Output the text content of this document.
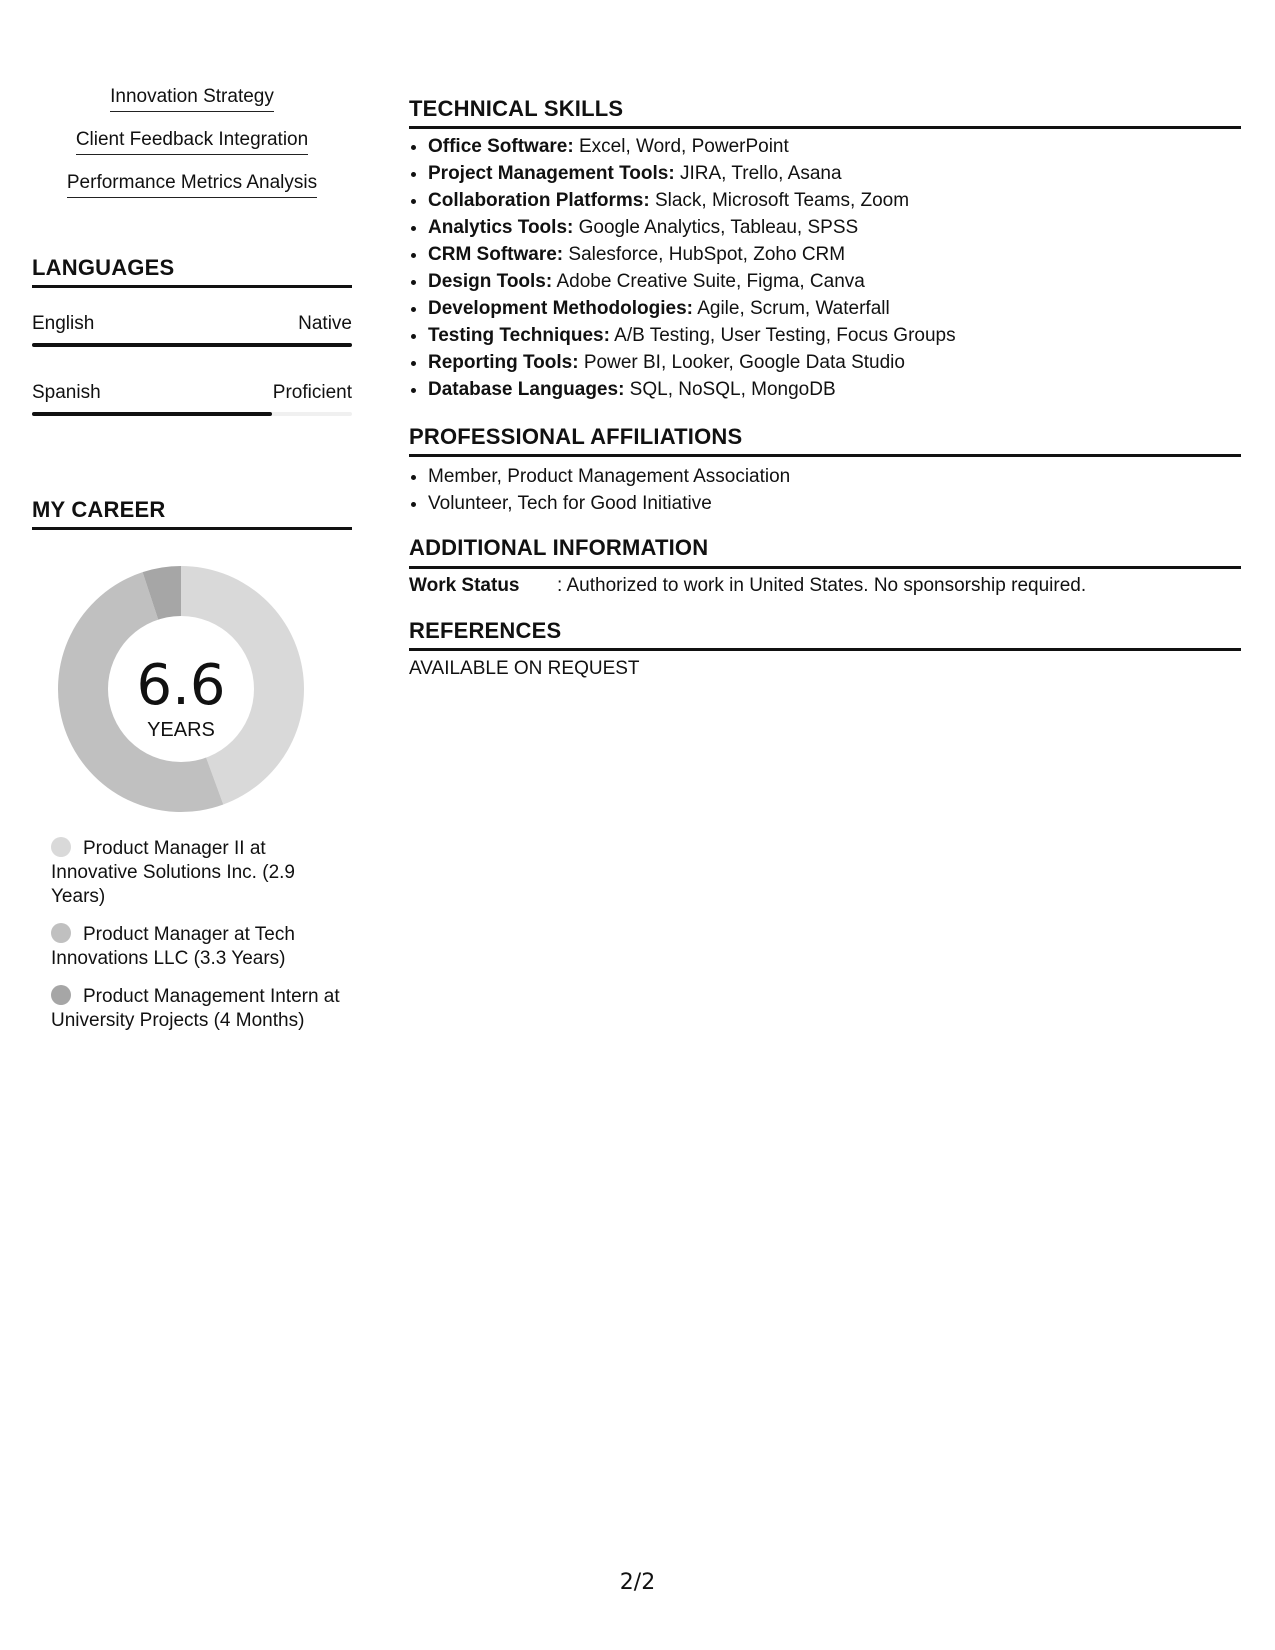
Innovation Strategy
Client Feedback Integration
Performance Metrics Analysis
LANGUAGES
English	Native
Spanish	Proficient
MY CAREER
6.6
YEARS
Product Manager II at Innovative Solutions Inc. (2.9 Years)
Product Manager at Tech Innovations LLC (3.3 Years)
Product Management Intern at University Projects (4 Months)
TECHNICAL SKILLS
• Office Software: Excel, Word, PowerPoint
• Project Management Tools: JIRA, Trello, Asana
• Collaboration Platforms: Slack, Microsoft Teams, Zoom
• Analytics Tools: Google Analytics, Tableau, SPSS
• CRM Software: Salesforce, HubSpot, Zoho CRM
• Design Tools: Adobe Creative Suite, Figma, Canva
• Development Methodologies: Agile, Scrum, Waterfall
• Testing Techniques: A/B Testing, User Testing, Focus Groups
• Reporting Tools: Power BI, Looker, Google Data Studio
• Database Languages: SQL, NoSQL, MongoDB
PROFESSIONAL AFFILIATIONS
• Member, Product Management Association
• Volunteer, Tech for Good Initiative
ADDITIONAL INFORMATION
Work Status : Authorized to work in United States. No sponsorship required.
REFERENCES
AVAILABLE ON REQUEST
2/2
